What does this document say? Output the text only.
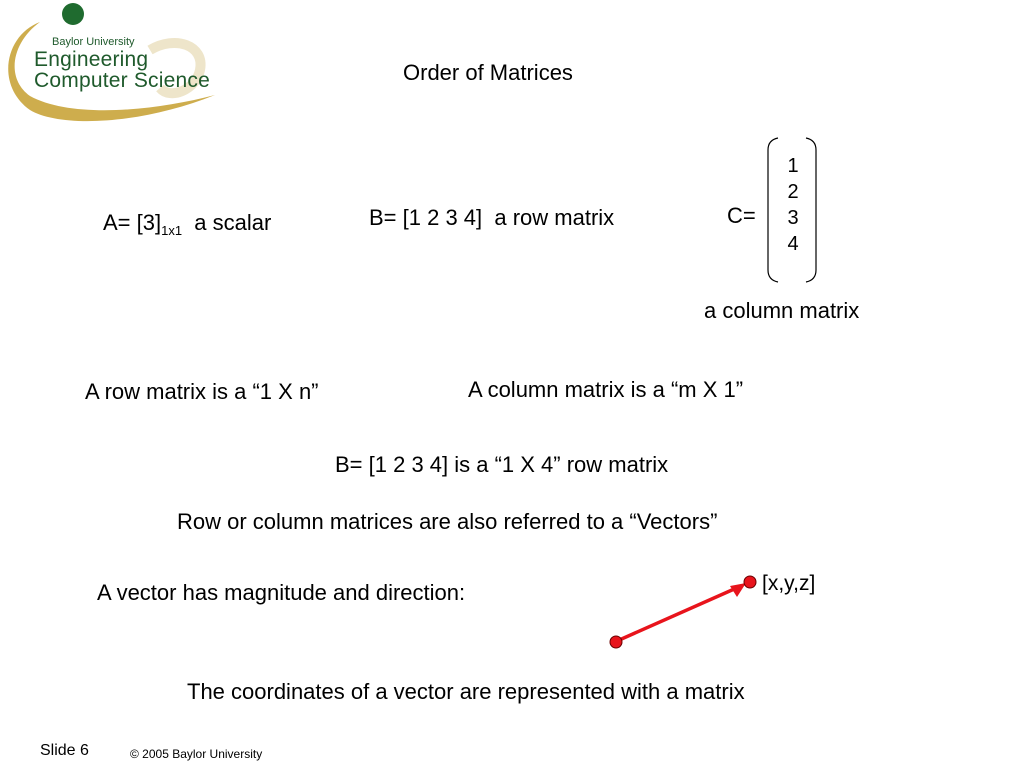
Baylor University
Engineering
Computer Science	Order of Matrices
$A= [3]_{1x1}$ a scalar	B= [1 2 3 4]  a row matrix	C=
1
2
3
4
a column matrix
A row matrix is a “1 X n”	A column matrix is a “m X 1”
B= [1 2 3 4] is a “1 X 4” row matrix
Row or column matrices are also referred to a “Vectors”
A vector has magnitude and direction:	[x,y,z]
The coordinates of a vector are represented with a matrix
Slide 6	© 2005 Baylor University
